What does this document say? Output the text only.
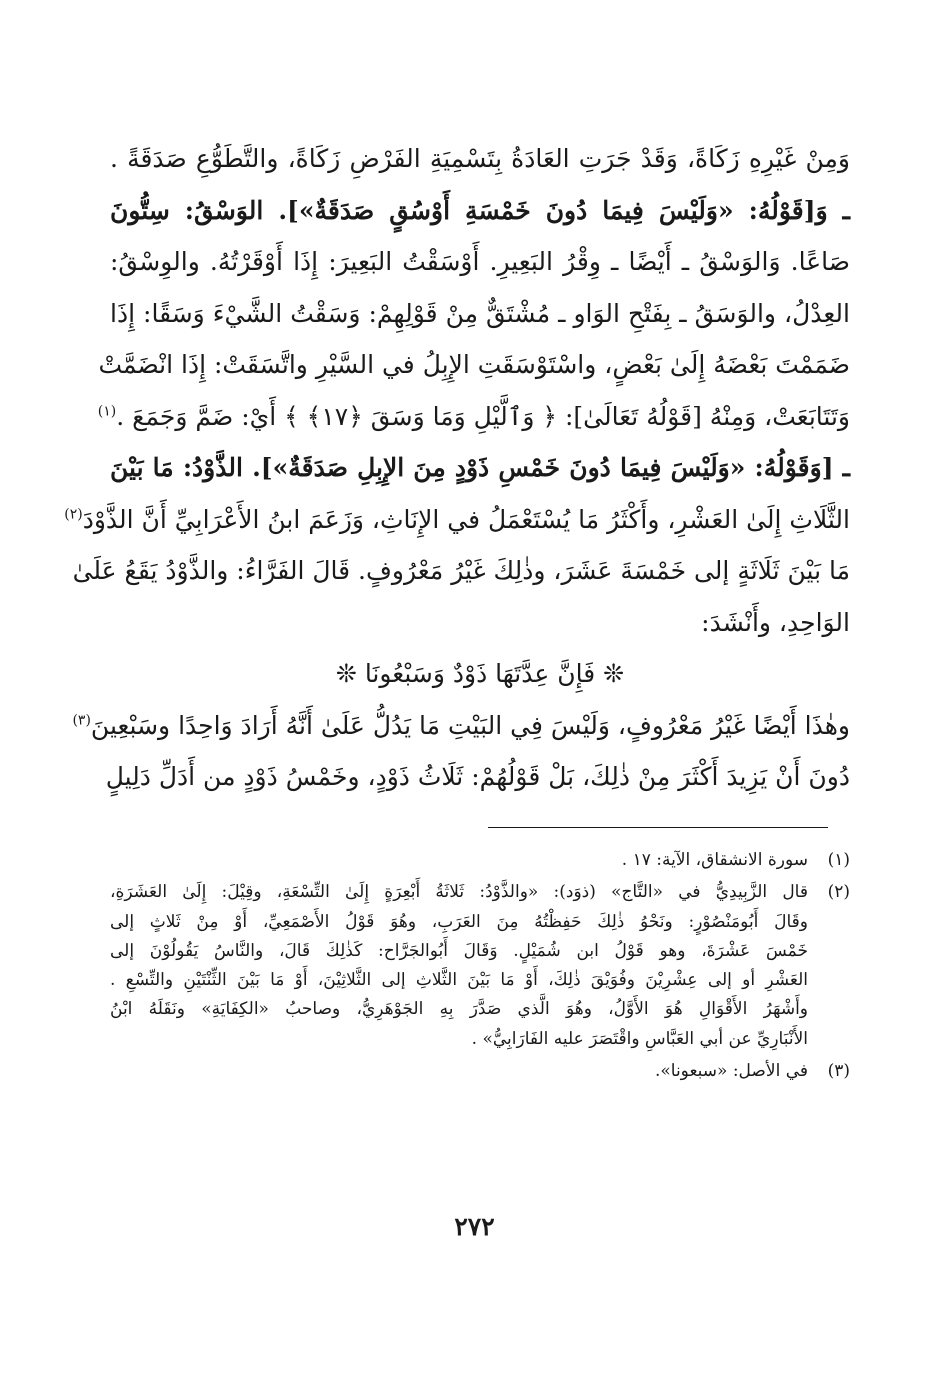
وَمِنْ غَيْرِهِ زَكَاةً، وَقَدْ جَرَتِ العَادَةُ بِتَسْمِيَةِ الفَرْضِ زَكَاةً، والتَّطَوُّعِ صَدَقَةً .
ـ وَ[قَوْلُهُ: «وَلَيْسَ فِيمَا دُونَ خَمْسَةِ أَوْسُقٍ صَدَقَةٌ»]. الوَسْقُ: سِتُّونَ
صَاعًا. وَالوَسْقُ ـ أَيْضًا ـ وِقْرُ البَعِيرِ. أَوْسَقْتُ البَعِيرَ: إِذَا أَوْقَرْتُهُ. والوِسْقُ:
العِدْلُ، والوَسَقُ ـ بِفَتْحِ الوَاو ـ مُشْتَقٌّ مِنْ قَوْلِهِمْ: وَسَقْتُ الشَّيْءَ وَسَقًا: إِذَا
ضَمَمْتَ بَعْضَهُ إِلَىٰ بَعْضٍ، واسْتَوْسَقَتِ الإِبِلُ في السَّيْرِ واتَّسَقَتْ: إِذَا انْضَمَّتْ
وَتَتَابَعَتْ، وَمِنْهُ [قَوْلُهُ تَعَالَىٰ]: ﴿ وَٱلَّيْلِ وَمَا وَسَقَ ﴿١٧﴾ ﴾ أَيْ: ضَمَّ وَجَمَعَ .$^{(١)}$
ـ [وَقَوْلُهُ: «وَلَيْسَ فِيمَا دُونَ خَمْسِ ذَوْدٍ مِنَ الإِبِلِ صَدَقَةٌ»]. الذَّوْدُ: مَا بَيْنَ
الثَّلَاثِ إِلَىٰ العَشْرِ، وأَكْثَرُ مَا يُسْتَعْمَلُ في الإِنَاثِ، وَزَعَمَ ابنُ الأَعْرَابِيِّ أَنَّ الذَّوْدَ$^{(٢)}$
مَا بَيْنَ ثَلَاثَةٍ إلى خَمْسَةَ عَشَرَ، وذٰلِكَ غَيْرُ مَعْرُوفٍ. قَالَ الفَرَّاءُ: والذَّوْدُ يَقَعُ عَلَىٰ
الوَاحِدِ، وأَنْشَدَ:
❊ فَإِنَّ عِدَّتَهَا ذَوْدٌ وَسَبْعُونَا ❊
وهٰذَا أَيْضًا غَيْرُ مَعْرُوفٍ، وَلَيْسَ فِي البَيْتِ مَا يَدُلُّ عَلَىٰ أَنَّهُ أَرَادَ وَاحِدًا وسَبْعِينَ$^{(٣)}$
دُونَ أَنْ يَزِيدَ أَكْثَرَ مِنْ ذٰلِكَ، بَلْ قَوْلُهُمْ: ثَلَاثُ ذَوْدٍ، وخَمْسُ ذَوْدٍ من أَدَلِّ دَلِيلٍ
(١)
سورة الانشقاق، الآية: ١٧ .
(٢)
قال الزَّبِيدِيُّ في «التَّاج» (ذوَد): «والذَّوْدُ: ثَلاثَةُ أَبْعِرَةٍ إِلَىٰ التِّسْعَةِ، وقِيْلَ: إِلَىٰ العَشَرَةِ،
وقَالَ أَبُومَنْصُوْرٍ: ونَحْوُ ذٰلِكَ حَفِظْتُهُ مِنَ العَرَبِ، وهُوَ قَوْلُ الأَصْمَعِيِّ، أَوْ مِنْ ثَلاثٍ إلى
خَمْسَ عَشْرَةَ، وهو قَوْلُ ابن شُمَيْلٍ. وَقَالَ أَبُوالجَرَّاح: كَذٰلِكَ قَالَ، والنَّاسُ يَقُولُوْنَ إلى
العَشْرِ أو إلى عِشْرِيْنَ وفُوَيْقَ ذٰلِكَ، أَوْ مَا بَيْنَ الثَّلاثِ إلى الثَّلاثِيْنَ، أَوْ مَا بَيْنَ الثِّنْتَيْنِ والتِّسْعِ .
وأَشْهَرُ الأَقْوَالِ هُوَ الأَوَّلُ، وهُوَ الَّذي صَدَّرَ بِهِ الجَوْهَرِيُّ، وصاحبُ «الكِفَايَةِ» ونَقَلَهُ ابْنُ
الأَنْبَارِيِّ عن أبي العَبَّاسِ واقْتَصَرَ عليه الفَارَابِيُّ» .
(٣)
في الأصل: «سبعونا».
٢٧٢
